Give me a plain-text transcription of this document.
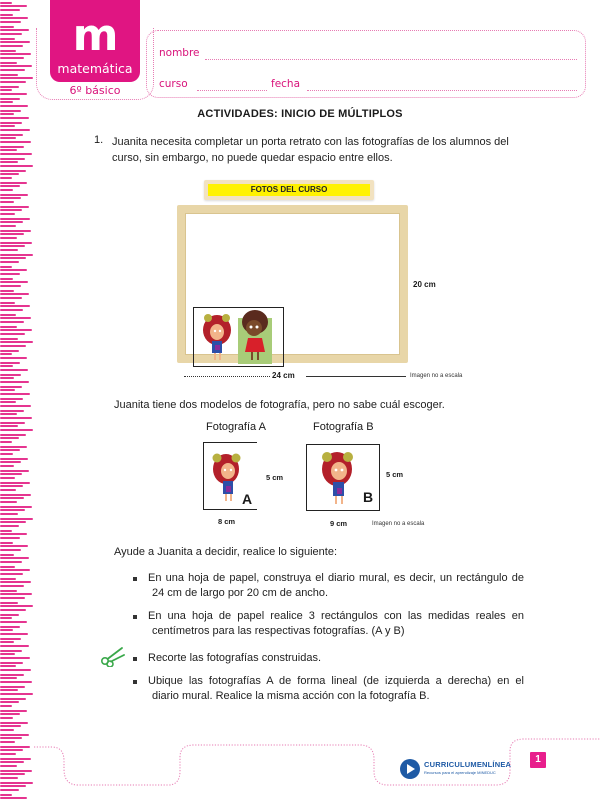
m
matemática
6º básico
nombre
curso	fecha
ACTIVIDADES: INICIO DE MÚLTIPLOS
1. Juanita necesita completar un porta retrato con las fotografías de los alumnos del
curso, sin embargo, no puede quedar espacio entre ellos.
FOTOS DEL CURSO
20 cm
24 cm	Imagen no a escala
Juanita tiene dos modelos de fotografía, pero no sabe cuál escoger.
Fotografía A
A
5 cm
8 cm
Fotografía B
B
5 cm
9 cm	Imagen no a escala
Ayude a Juanita a decidir, realice lo siguiente:
En una hoja de papel, construya el diario mural, es decir, un rectángulo de
24 cm de largo por 20 cm de ancho.
En una hoja de papel realice 3 rectángulos con las medidas reales en
centímetros para las respectivas fotografías. (A y B)
Recorte las fotografías construidas.
Ubique las fotografías A de forma lineal (de izquierda a derecha) en el
diario mural. Realice la misma acción con la fotografía B.
CURRICULUMENLÍNEA
Recursos para el aprendizaje MINEDUC
1
